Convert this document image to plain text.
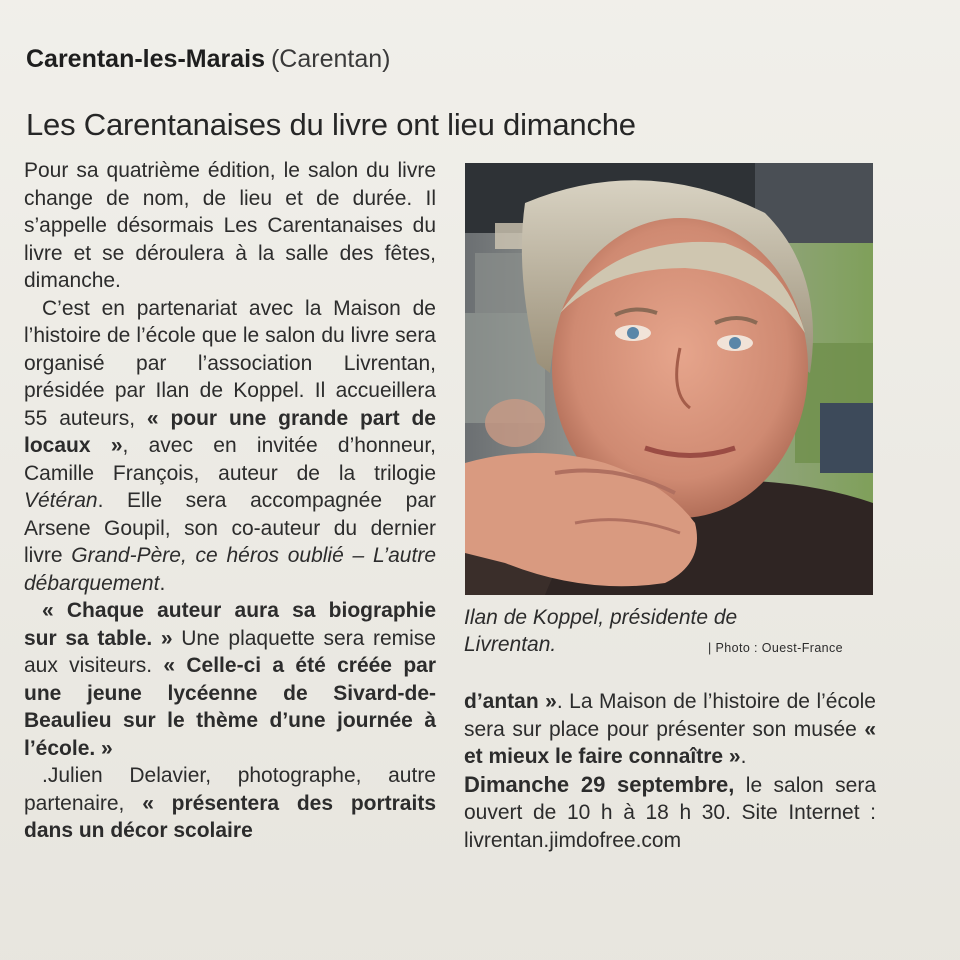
Carentan-les-Marais (Carentan)
Les Carentanaises du livre ont lieu dimanche

Pour sa quatrième édition, le salon du livre change de nom, de lieu et de durée. Il s’appelle désormais Les Carentanaises du livre et se déroulera à la salle des fêtes, dimanche.

C’est en partenariat avec la Maison de l’histoire de l’école que le salon du livre sera organisé par l’association Livrentan, présidée par Ilan de Koppel. Il accueillera 55 auteurs, « pour une grande part de locaux », avec en invitée d’honneur, Camille François, auteur de la trilogie Vétéran. Elle sera accompagnée par Arsene Goupil, son co-auteur du dernier livre Grand-Père, ce héros oublié – L’autre débarquement.

« Chaque auteur aura sa biographie sur sa table. » Une plaquette sera remise aux visiteurs. « Celle-ci a été créée par une jeune lycéenne de Sivard-de-Beaulieu sur le thème d’une journée à l’école. »

.Julien Delavier, photographe, autre partenaire, « présentera des portraits dans un décor scolaire

Ilan de Koppel, présidente de Livrentan.	| Photo : Ouest-France

d’antan ». La Maison de l’histoire de l’école sera sur place pour présenter son musée « et mieux le faire connaître ».

Dimanche 29 septembre, le salon sera ouvert de 10 h à 18 h 30. Site Internet : livrentan.jimdofree.com
